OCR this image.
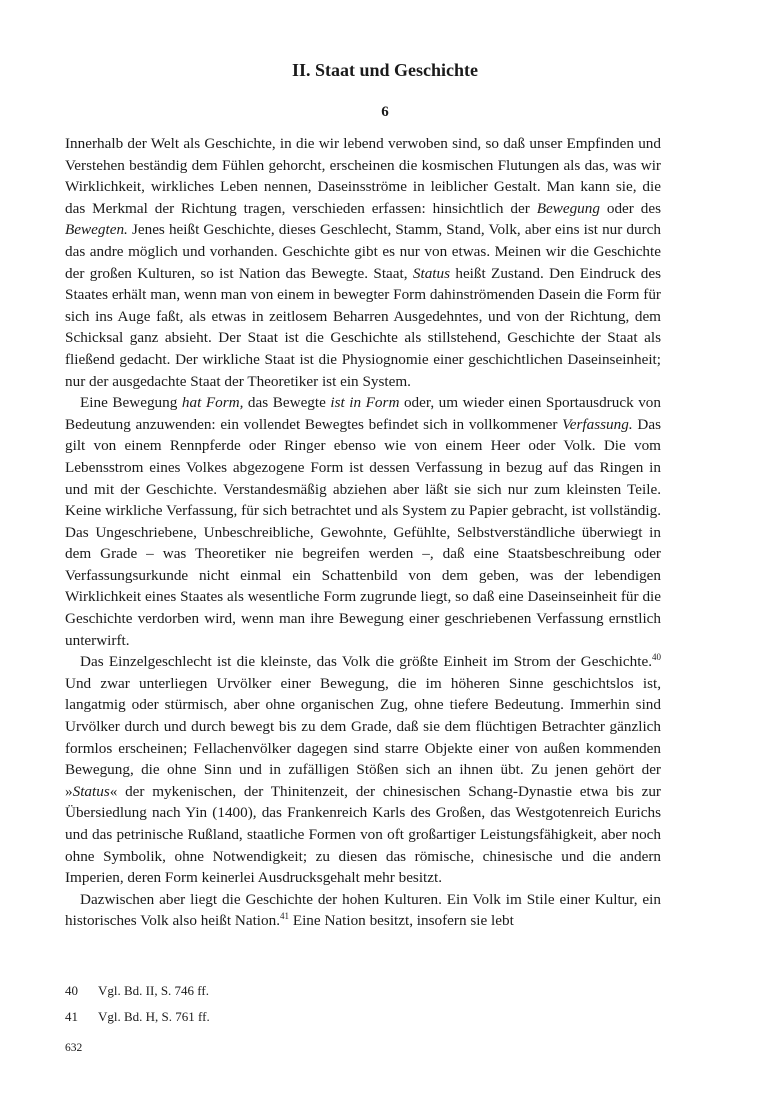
II. Staat und Geschichte
6

Innerhalb der Welt als Geschichte, in die wir lebend verwoben sind, so daß unser Empfinden und Verstehen beständig dem Fühlen gehorcht, erscheinen die kosmischen Flutungen als das, was wir Wirklichkeit, wirkliches Leben nennen, Daseinsströme in leiblicher Gestalt. Man kann sie, die das Merkmal der Richtung tragen, verschieden erfassen: hinsichtlich der Bewegung oder des Bewegten. Jenes heißt Geschichte, dieses Geschlecht, Stamm, Stand, Volk, aber eins ist nur durch das andre möglich und vorhanden. Geschichte gibt es nur von etwas. Meinen wir die Geschichte der großen Kulturen, so ist Nation das Bewegte. Staat, Status heißt Zustand. Den Eindruck des Staates erhält man, wenn man von einem in bewegter Form dahinströmenden Dasein die Form für sich ins Auge faßt, als etwas in zeitlosem Beharren Ausgedehntes, und von der Richtung, dem Schicksal ganz absieht. Der Staat ist die Geschichte als stillstehend, Geschichte der Staat als fließend gedacht. Der wirkliche Staat ist die Physiognomie einer geschichtlichen Daseinseinheit; nur der ausgedachte Staat der Theoretiker ist ein System.

Eine Bewegung hat Form, das Bewegte ist in Form oder, um wieder einen Sportausdruck von Bedeutung anzuwenden: ein vollendet Bewegtes befindet sich in vollkommener Verfassung. Das gilt von einem Rennpferde oder Ringer ebenso wie von einem Heer oder Volk. Die vom Lebensstrom eines Volkes abgezogene Form ist dessen Verfassung in bezug auf das Ringen in und mit der Geschichte. Verstandesmäßig abziehen aber läßt sie sich nur zum kleinsten Teile. Keine wirkliche Verfassung, für sich betrachtet und als System zu Papier gebracht, ist vollständig. Das Ungeschriebene, Unbeschreibliche, Gewohnte, Gefühlte, Selbstverständliche überwiegt in dem Grade – was Theoretiker nie begreifen werden –, daß eine Staatsbeschreibung oder Verfassungsurkunde nicht einmal ein Schattenbild von dem geben, was der lebendigen Wirklichkeit eines Staates als wesentliche Form zugrunde liegt, so daß eine Daseinseinheit für die Geschichte verdorben wird, wenn man ihre Bewegung einer geschriebenen Verfassung ernstlich unterwirft.

Das Einzelgeschlecht ist die kleinste, das Volk die größte Einheit im Strom der Geschichte.$^{40}$ Und zwar unterliegen Urvölker einer Bewegung, die im höheren Sinne geschichtslos ist, langatmig oder stürmisch, aber ohne organischen Zug, ohne tiefere Bedeutung. Immerhin sind Urvölker durch und durch bewegt bis zu dem Grade, daß sie dem flüchtigen Betrachter gänzlich formlos erscheinen; Fellachenvölker dagegen sind starre Objekte einer von außen kommenden Bewegung, die ohne Sinn und in zufälligen Stößen sich an ihnen übt. Zu jenen gehört der »Status« der mykenischen, der Thinitenzeit, der chinesischen Schang-Dynastie etwa bis zur Übersiedlung nach Yin (1400), das Frankenreich Karls des Großen, das Westgotenreich Eurichs und das petrinische Rußland, staatliche Formen von oft großartiger Leistungsfähigkeit, aber noch ohne Symbolik, ohne Notwendigkeit; zu diesen das römische, chinesische und die andern Imperien, deren Form keinerlei Ausdrucksgehalt mehr besitzt.

Dazwischen aber liegt die Geschichte der hohen Kulturen. Ein Volk im Stile einer Kultur, ein historisches Volk also heißt Nation.$^{41}$ Eine Nation besitzt, insofern sie lebt

40	Vgl. Bd. II, S. 746 ff.
41	Vgl. Bd. H, S. 761 ff.
632
